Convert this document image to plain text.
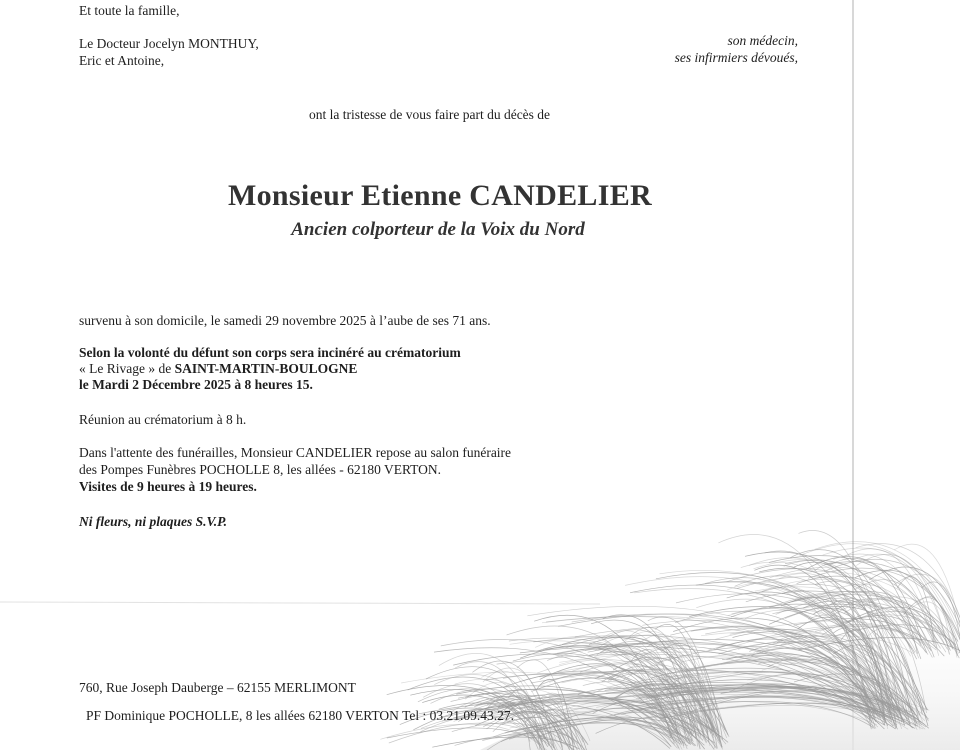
Et toute la famille,
Le Docteur Jocelyn MONTHUY,
Eric et Antoine,
son médecin,
ses infirmiers dévoués,
ont la tristesse de vous faire part du décès de
Monsieur Etienne CANDELIER
Ancien colporteur de la Voix du Nord
survenu à son domicile, le samedi 29 novembre 2025 à l’aube de ses 71 ans.
Selon la volonté du défunt son corps sera incinéré au crématorium
« Le Rivage » de SAINT-MARTIN-BOULOGNE
le Mardi 2 Décembre 2025 à 8 heures 15.
Réunion au crématorium à 8 h.
Dans l'attente des funérailles, Monsieur CANDELIER repose au salon funéraire
des Pompes Funèbres POCHOLLE 8, les allées - 62180 VERTON.
Visites de 9 heures à 19 heures.
Ni fleurs, ni plaques S.V.P.
760, Rue Joseph Dauberge – 62155 MERLIMONT
PF Dominique POCHOLLE, 8 les allées 62180 VERTON Tel : 03.21.09.43.27.
